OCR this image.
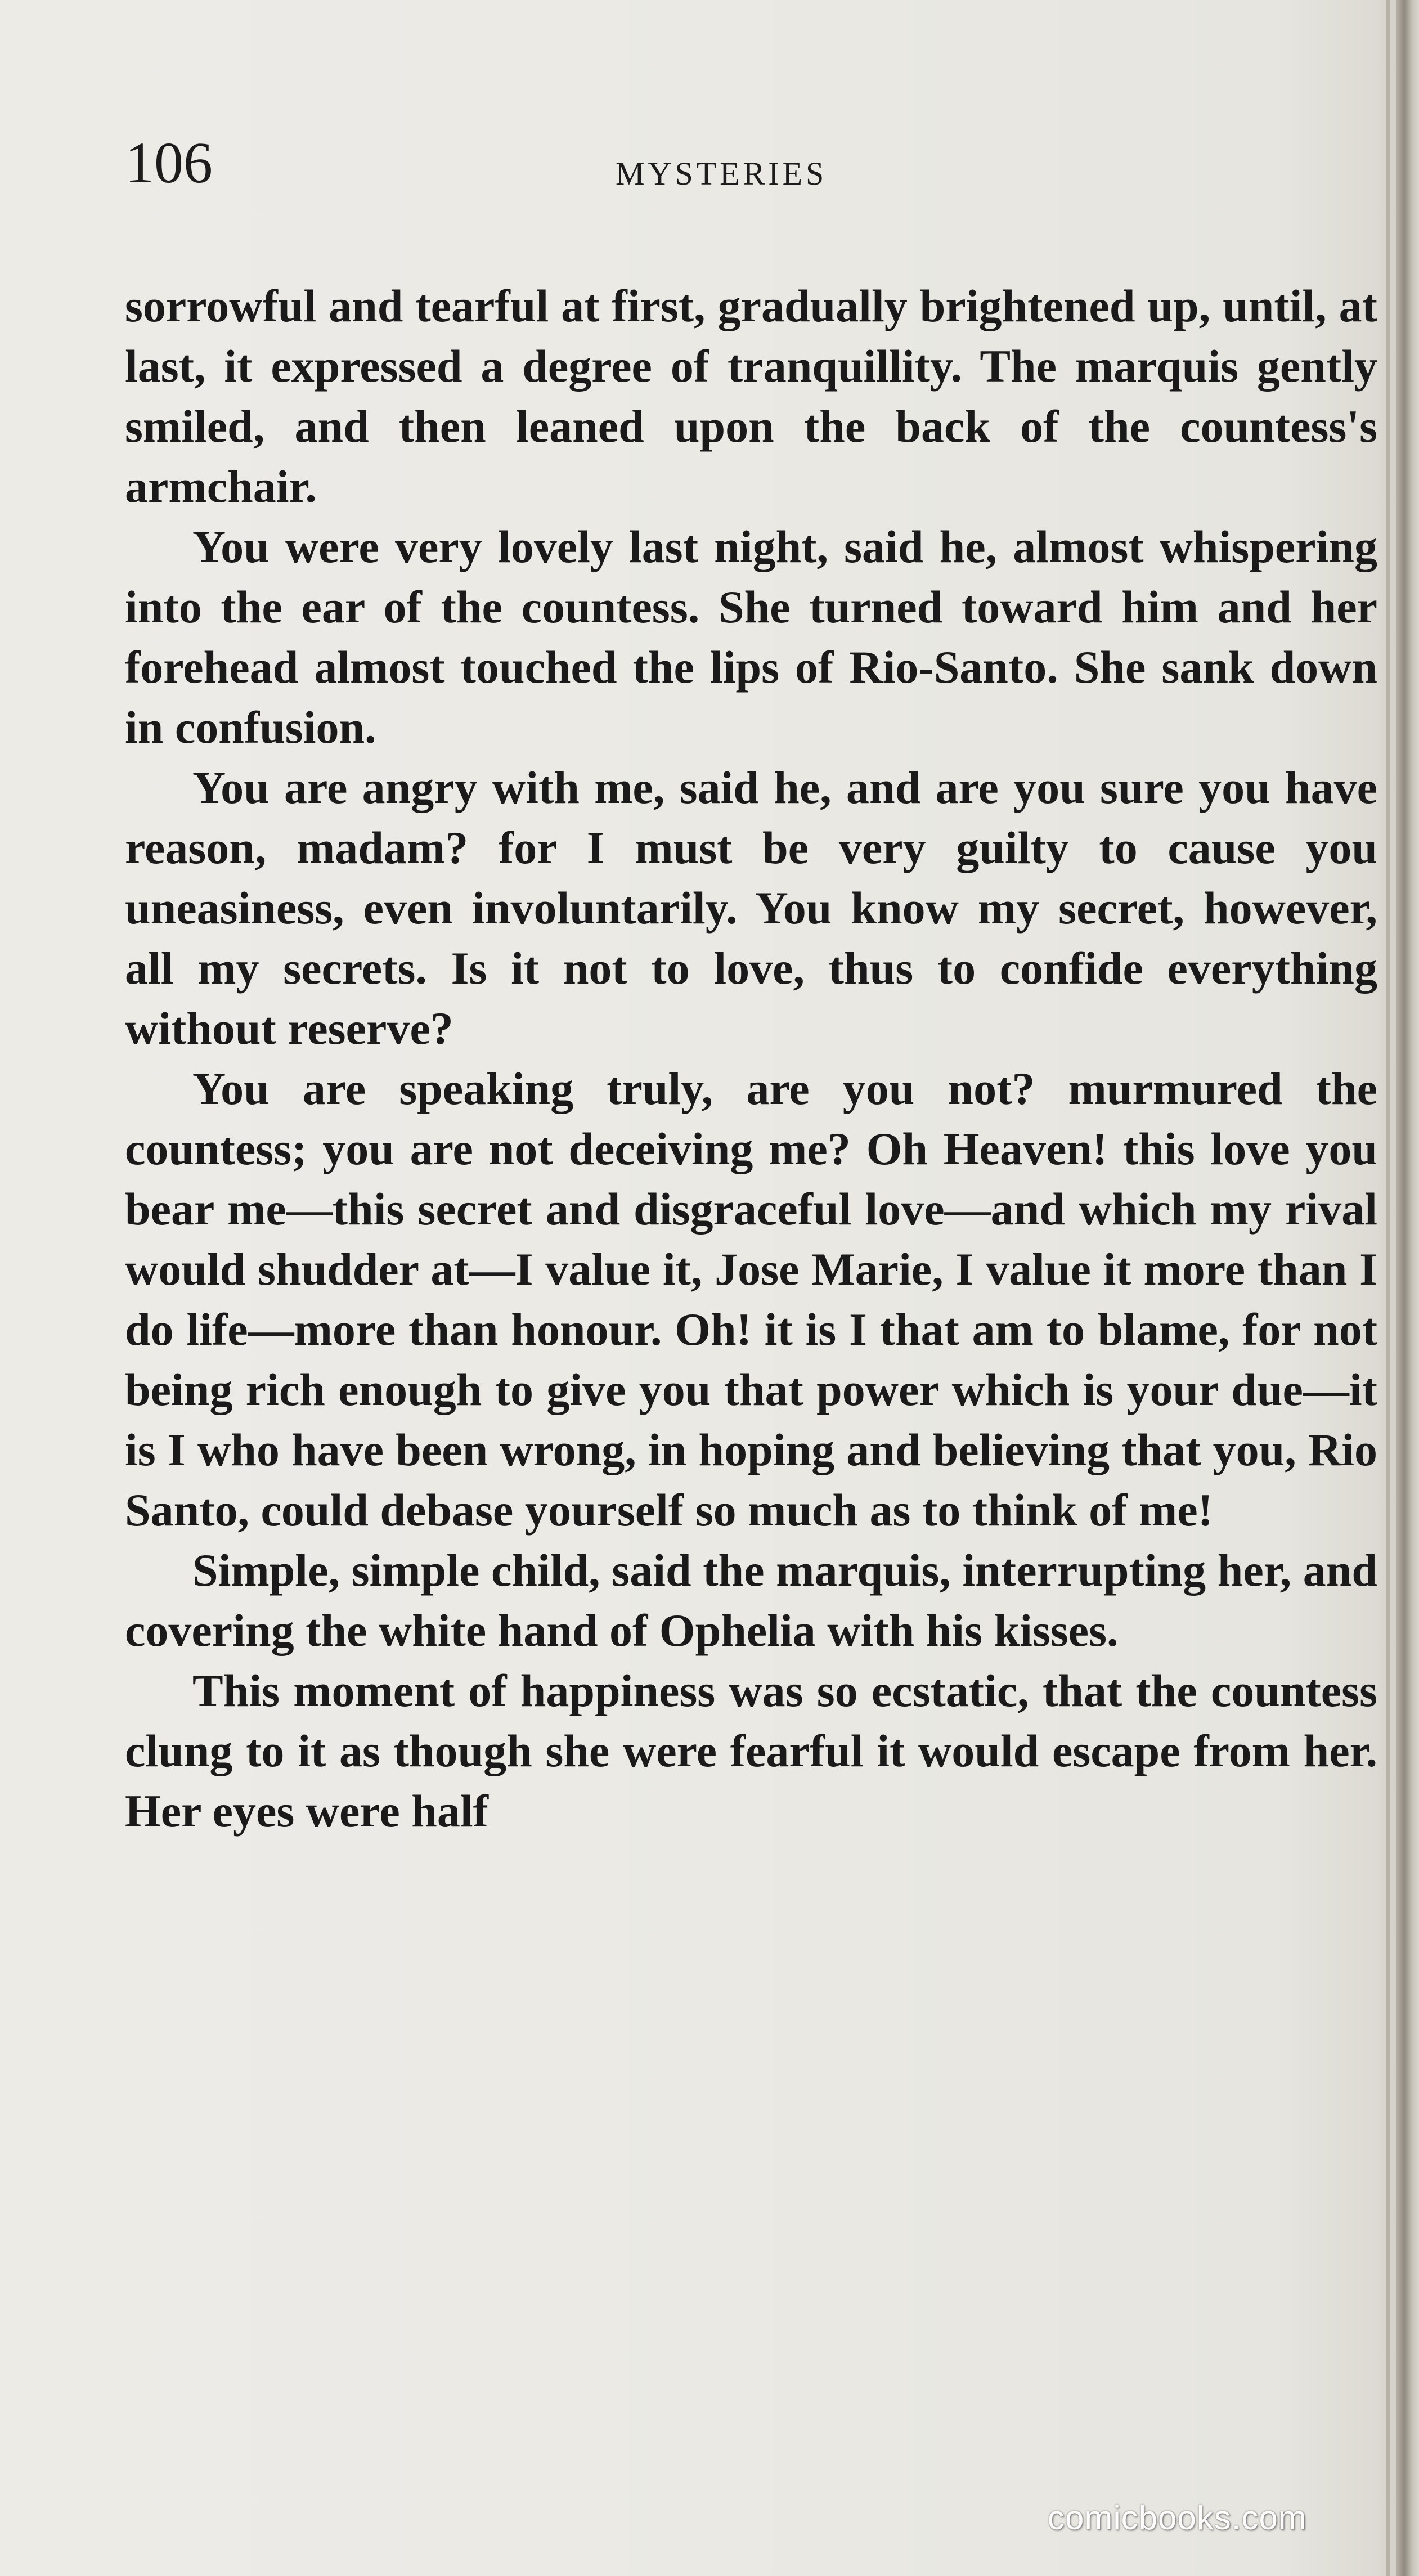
106	MYSTERIES

sorrowful and tearful at first, gradually brightened up, until, at last, it expressed a degree of tranquillity. The marquis gently smiled, and then leaned upon the back of the countess's armchair.

You were very lovely last night, said he, almost whispering into the ear of the countess. She turned toward him and her forehead almost touched the lips of Rio-Santo. She sank down in confusion.

You are angry with me, said he, and are you sure you have reason, madam? for I must be very guilty to cause you uneasiness, even involuntarily. You know my secret, however, all my secrets. Is it not to love, thus to confide everything without reserve?

You are speaking truly, are you not? murmured the countess; you are not deceiving me? Oh Heaven! this love you bear me—this secret and disgraceful love—and which my rival would shudder at—I value it, Jose Marie, I value it more than I do life—more than honour. Oh! it is I that am to blame, for not being rich enough to give you that power which is your due—it is I who have been wrong, in hoping and believing that you, Rio Santo, could debase yourself so much as to think of me!

Simple, simple child, said the marquis, interrupting her, and covering the white hand of Ophelia with his kisses.

This moment of happiness was so ecstatic, that the countess clung to it as though she were fearful it would escape from her. Her eyes were half

comicbooks.com
